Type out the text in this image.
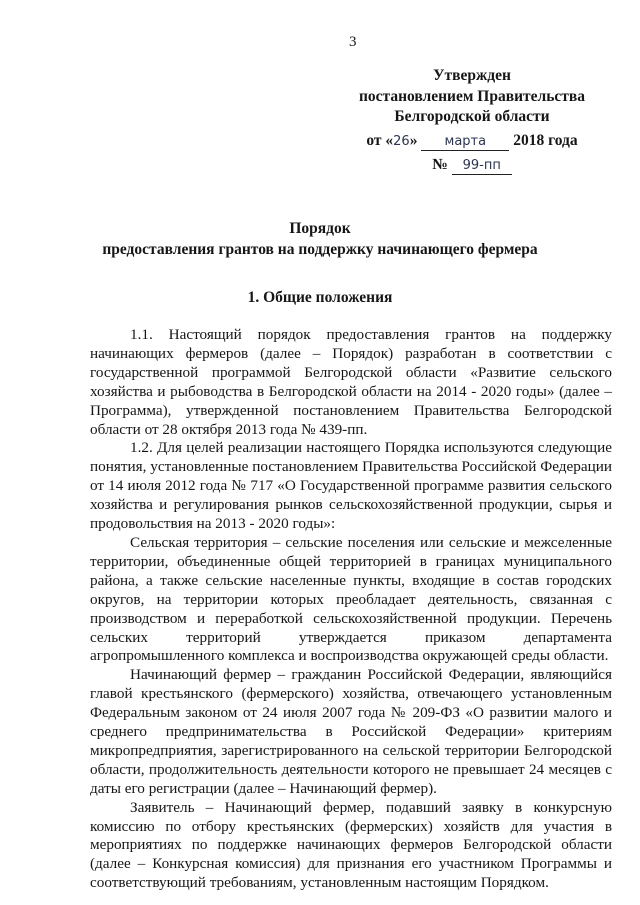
3
Утвержден
постановлением Правительства
Белгородской области
от «26» марта 2018 года
№ 99-пп
Порядок
предоставления грантов на поддержку начинающего фермера
1. Общие положения

1.1. Настоящий порядок предоставления грантов на поддержку начинающих фермеров (далее – Порядок) разработан в соответствии с государственной программой Белгородской области «Развитие сельского хозяйства и рыбоводства в Белгородской области на 2014 - 2020 годы» (далее – Программа), утвержденной постановлением Правительства Белгородской области от 28 октября 2013 года № 439-пп.

1.2. Для целей реализации настоящего Порядка используются следующие понятия, установленные постановлением Правительства Российской Федерации от 14 июля 2012 года № 717 «О Государственной программе развития сельского хозяйства и регулирования рынков сельскохозяйственной продукции, сырья и продовольствия на 2013 - 2020 годы»:

Сельская территория – сельские поселения или сельские и межселенные территории, объединенные общей территорией в границах муниципального района, а также сельские населенные пункты, входящие в состав городских округов, на территории которых преобладает деятельность, связанная с производством и переработкой сельскохозяйственной продукции. Перечень сельских территорий утверждается приказом департамента агропромышленного комплекса и воспроизводства окружающей среды области.

Начинающий фермер – гражданин Российской Федерации, являющийся главой крестьянского (фермерского) хозяйства, отвечающего установленным Федеральным законом от 24 июля 2007 года № 209-ФЗ «О развитии малого и среднего предпринимательства в Российской Федерации» критериям микропредприятия, зарегистрированного на сельской территории Белгородской области, продолжительность деятельности которого не превышает 24 месяцев с даты его регистрации (далее – Начинающий фермер).

Заявитель – Начинающий фермер, подавший заявку в конкурсную комиссию по отбору крестьянских (фермерских) хозяйств для участия в мероприятиях по поддержке начинающих фермеров Белгородской области (далее – Конкурсная комиссия) для признания его участником Программы и соответствующий требованиям, установленным настоящим Порядком.
